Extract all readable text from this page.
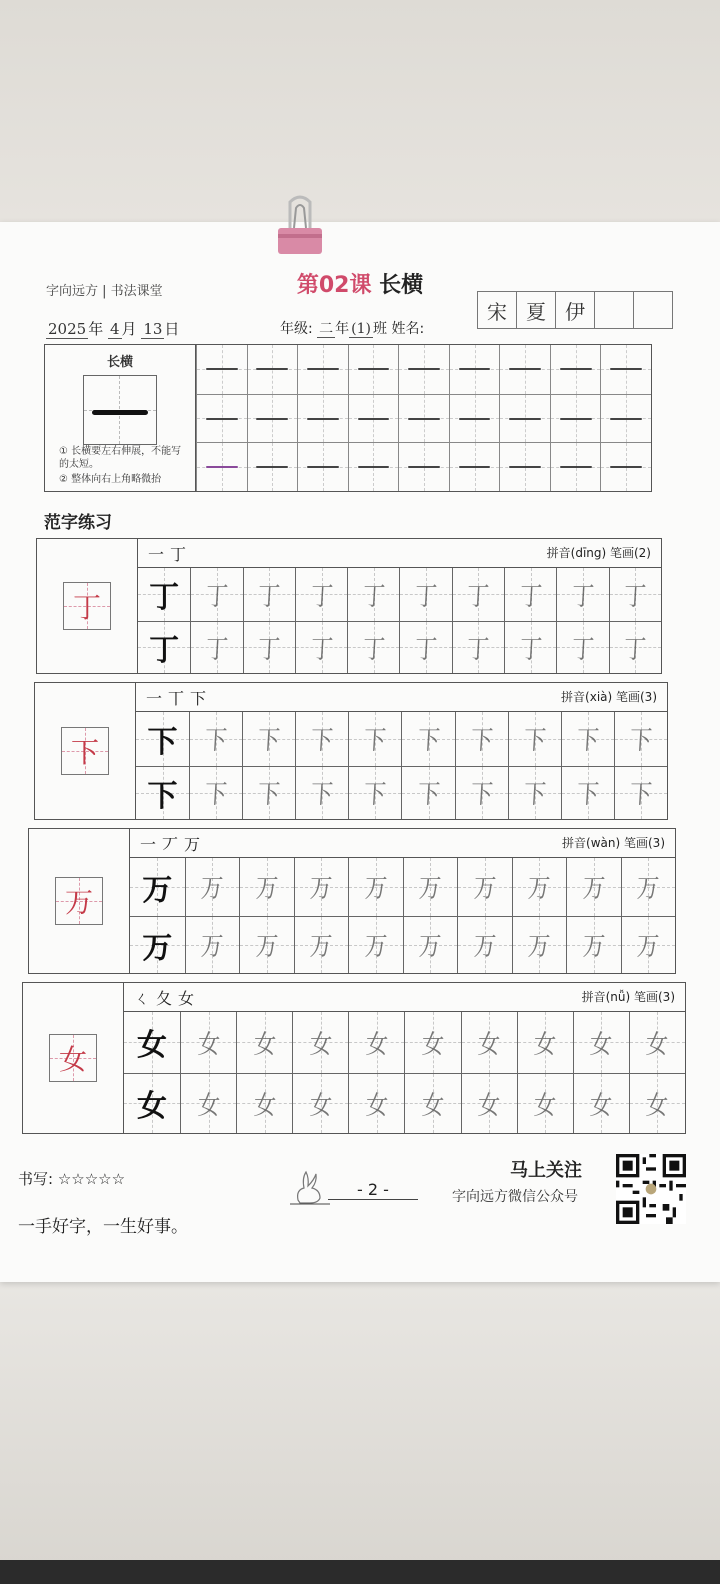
字向远方 | 书法课堂	第02课 长横
2025 年 4 月 13 日	年级: 二 年 (1) 班 姓名:
宋 夏 伊
长横
① 长横要左右伸展，不能写的太短。
② 整体向右上角略微抬
范字练习
丁
一丁	拼音(dīng) 笔画(2)
丁 丁 丁 丁 丁 丁 丁 丁 丁 丁
丁 丁 丁 丁 丁 丁 丁 丁 丁 丁
下
一丅下	拼音(xià) 笔画(3)
下 下 下 下 下 下 下 下 下 下
下 下 下 下 下 下 下 下 下 下
万
一丆万	拼音(wàn) 笔画(3)
万 万 万 万 万 万 万 万 万 万
万 万 万 万 万 万 万 万 万 万
女
ㄑ夂女	拼音(nǚ) 笔画(3)
女 女 女 女 女 女 女 女 女 女
女 女 女 女 女 女 女 女 女 女
书写: ☆☆☆☆☆
一手好字，一生好事。
- 2 -
马上关注
字向远方微信公众号
